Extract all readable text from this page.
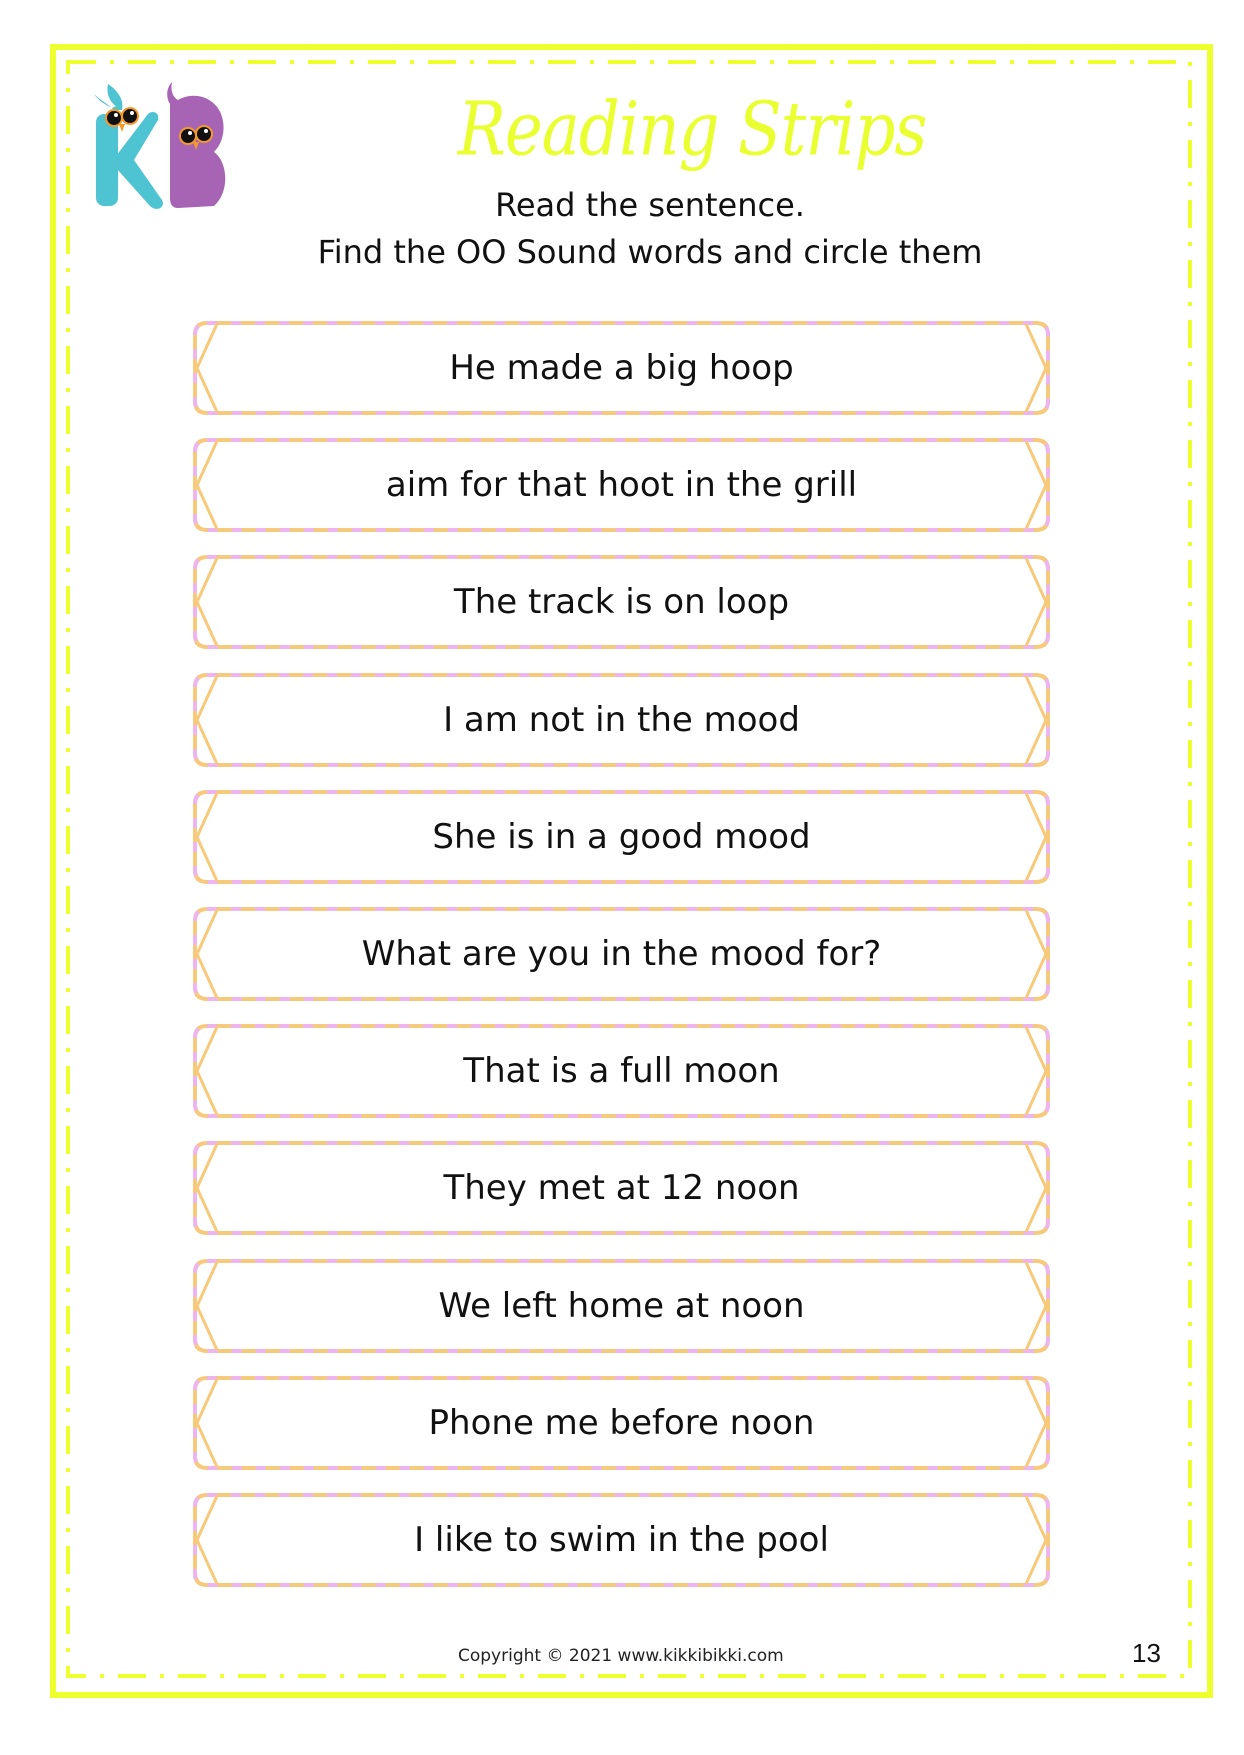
Reading Strips
Read the sentence.
Find the OO Sound words and circle them
He made a big hoop
aim for that hoot in the grill
The track is on loop
I am not in the mood
She is in a good mood
What are you in the mood for?
That is a full moon
They met at 12 noon
We left home at noon
Phone me before noon
I like to swim in the pool
Copyright © 2021 www.kikkibikki.com	13
